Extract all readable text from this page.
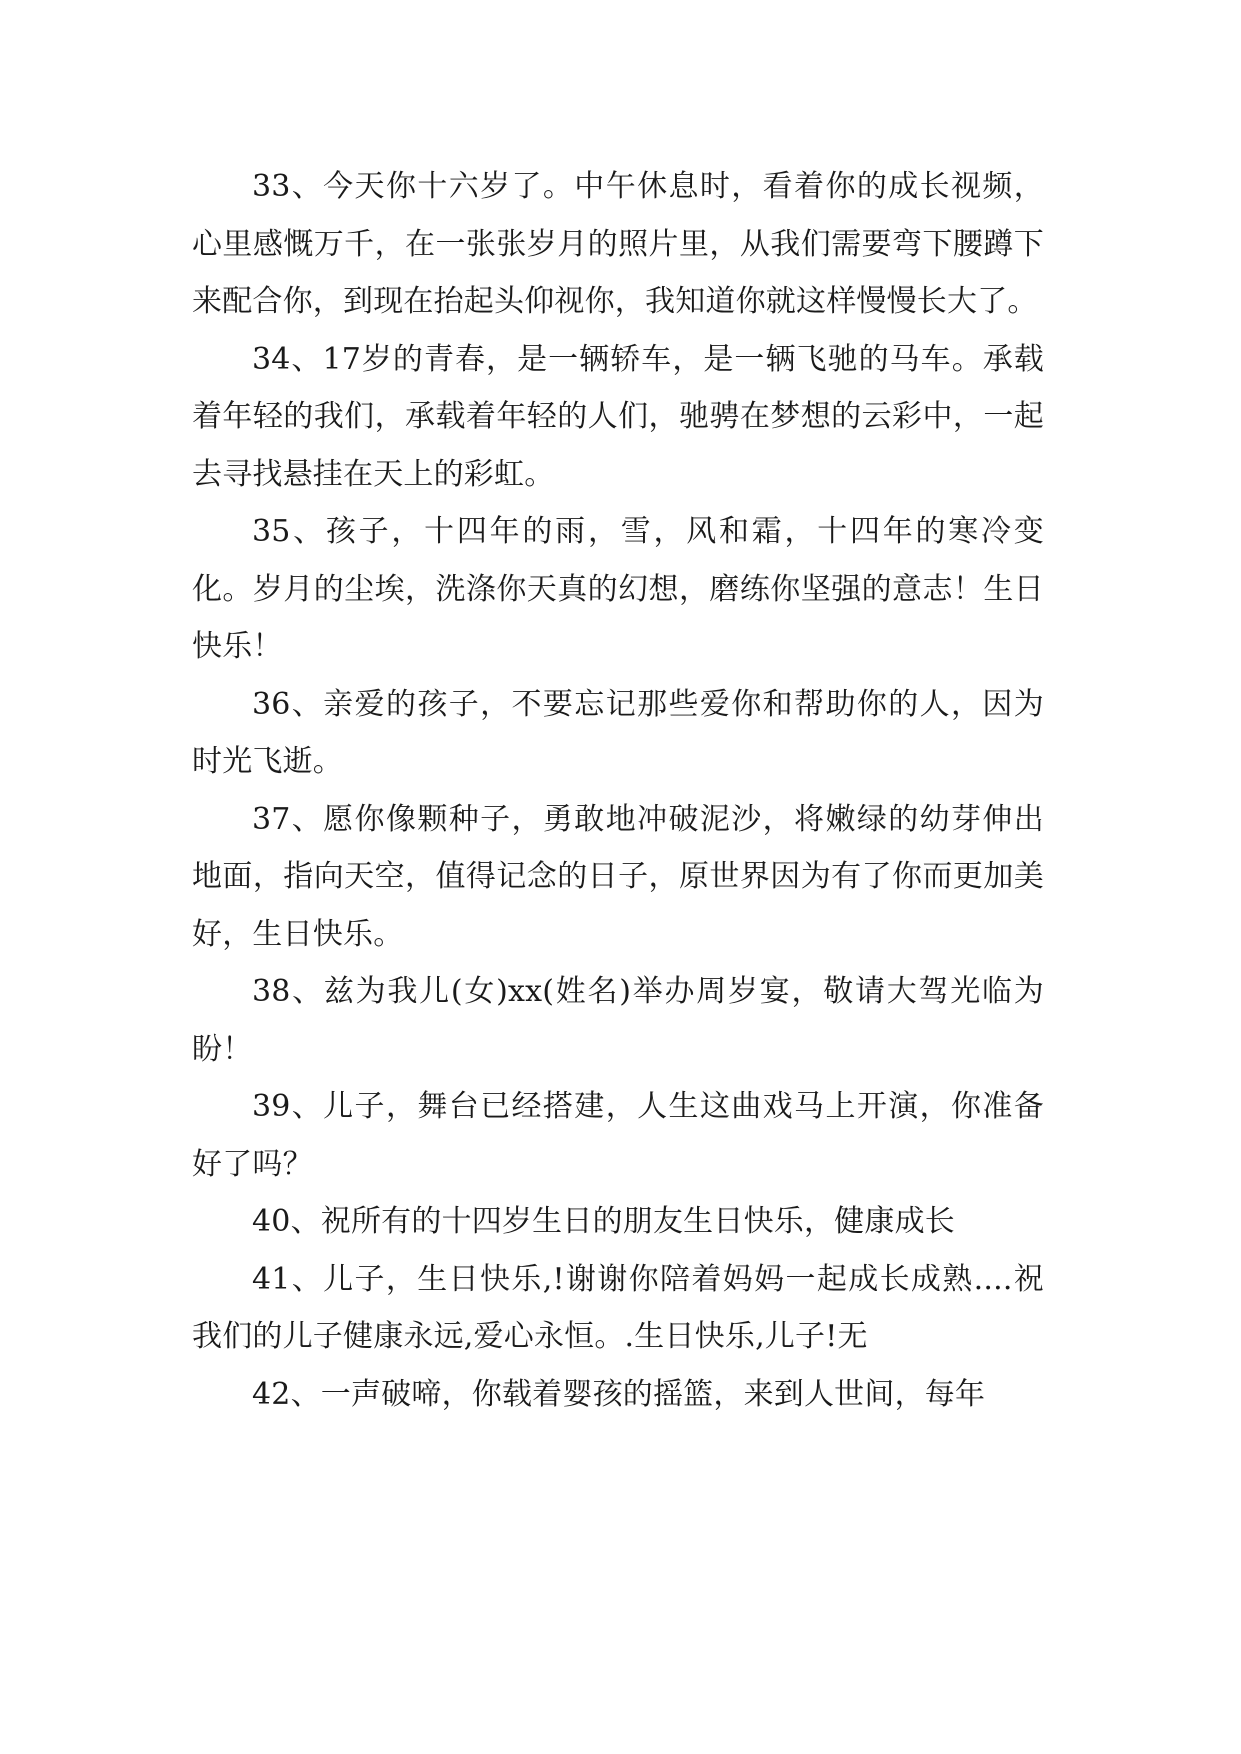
33、今天你十六岁了。中午休息时，看着你的成长视频，心里感慨万千，在一张张岁月的照片里，从我们需要弯下腰蹲下来配合你，到现在抬起头仰视你，我知道你就这样慢慢长大了。

34、17岁的青春，是一辆轿车，是一辆飞驰的马车。承载着年轻的我们，承载着年轻的人们，驰骋在梦想的云彩中，一起去寻找悬挂在天上的彩虹。

35、孩子，十四年的雨，雪，风和霜，十四年的寒冷变化。岁月的尘埃，洗涤你天真的幻想，磨练你坚强的意志！生日快乐！

36、亲爱的孩子，不要忘记那些爱你和帮助你的人，因为时光飞逝。

37、愿你像颗种子，勇敢地冲破泥沙，将嫩绿的幼芽伸出地面，指向天空，值得记念的日子，原世界因为有了你而更加美好，生日快乐。

38、兹为我儿(女)xx(姓名)举办周岁宴，敬请大驾光临为盼！

39、儿子，舞台已经搭建，人生这曲戏马上开演，你准备好了吗？

40、祝所有的十四岁生日的朋友生日快乐，健康成长

41、儿子，生日快乐,!谢谢你陪着妈妈一起成长成熟....祝我们的儿子健康永远,爱心永恒。.生日快乐,儿子!无

42、一声破啼，你载着婴孩的摇篮，来到人世间，每年
